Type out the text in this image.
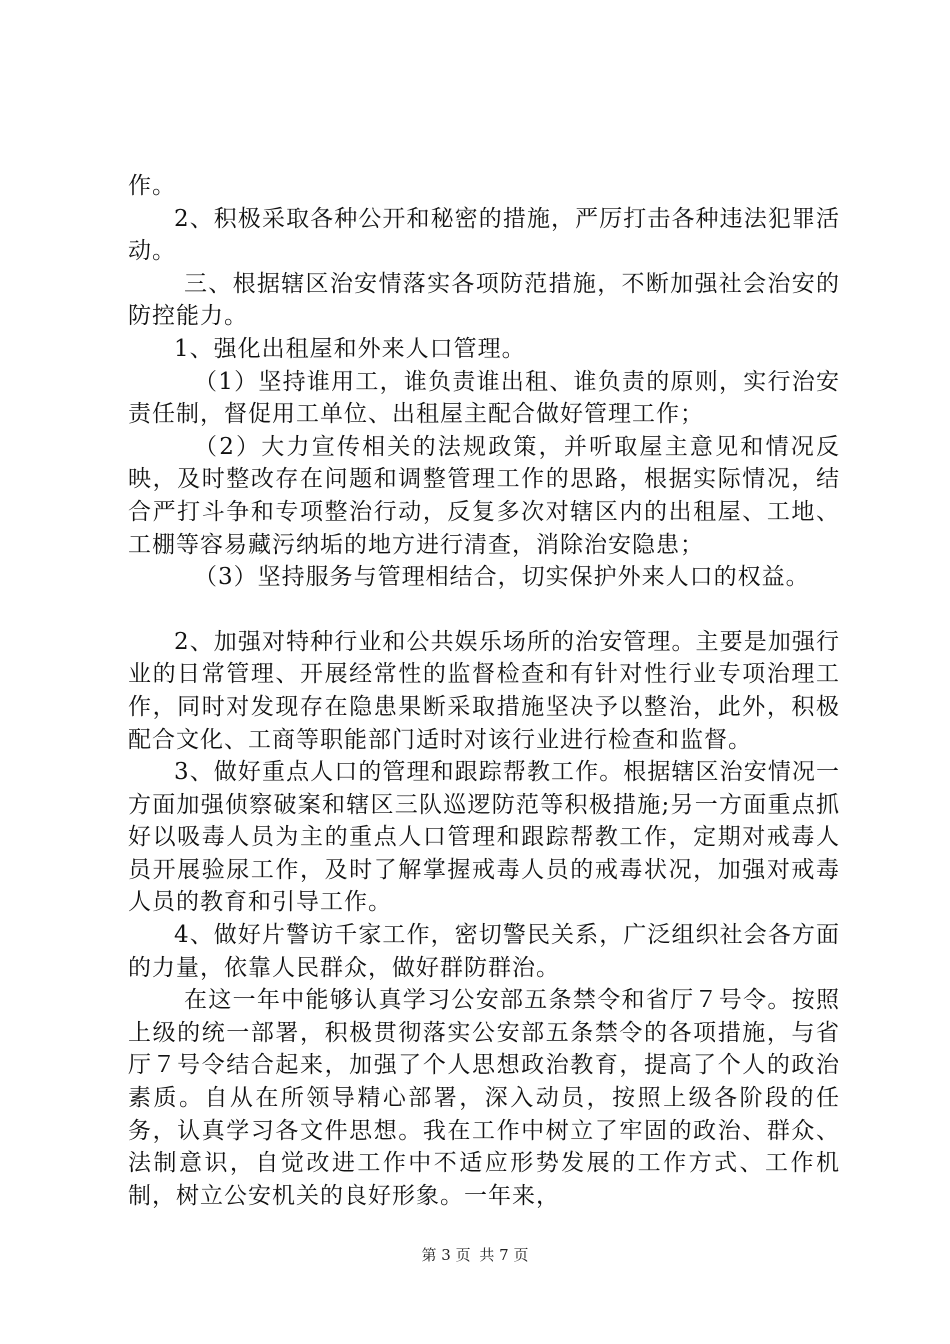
作。

2、积极采取各种公开和秘密的措施，严厉打击各种违法犯罪活动。

三、根据辖区治安情落实各项防范措施，不断加强社会治安的防控能力。

1、强化出租屋和外来人口管理。

（1）坚持谁用工，谁负责谁出租、谁负责的原则，实行治安责任制，督促用工单位、出租屋主配合做好管理工作；

（2）大力宣传相关的法规政策，并听取屋主意见和情况反映，及时整改存在问题和调整管理工作的思路，根据实际情况，结合严打斗争和专项整治行动，反复多次对辖区内的出租屋、工地、工棚等容易藏污纳垢的地方进行清查，消除治安隐患；

（3）坚持服务与管理相结合，切实保护外来人口的权益。

2、加强对特种行业和公共娱乐场所的治安管理。主要是加强行业的日常管理、开展经常性的监督检查和有针对性行业专项治理工作，同时对发现存在隐患果断采取措施坚决予以整治，此外，积极配合文化、工商等职能部门适时对该行业进行检查和监督。

3、做好重点人口的管理和跟踪帮教工作。根据辖区治安情况一方面加强侦察破案和辖区三队巡逻防范等积极措施;另一方面重点抓好以吸毒人员为主的重点人口管理和跟踪帮教工作，定期对戒毒人员开展验尿工作，及时了解掌握戒毒人员的戒毒状况，加强对戒毒人员的教育和引导工作。

4、做好片警访千家工作，密切警民关系，广泛组织社会各方面的力量，依靠人民群众，做好群防群治。

在这一年中能够认真学习公安部五条禁令和省厅７号令。按照上级的统一部署，积极贯彻落实公安部五条禁令的各项措施，与省厅７号令结合起来，加强了个人思想政治教育，提高了个人的政治素质。自从在所领导精心部署，深入动员，按照上级各阶段的任务，认真学习各文件思想。我在工作中树立了牢固的政治、群众、法制意识，自觉改进工作中不适应形势发展的工作方式、工作机制，树立公安机关的良好形象。一年来，

第 3 页 共 7 页
